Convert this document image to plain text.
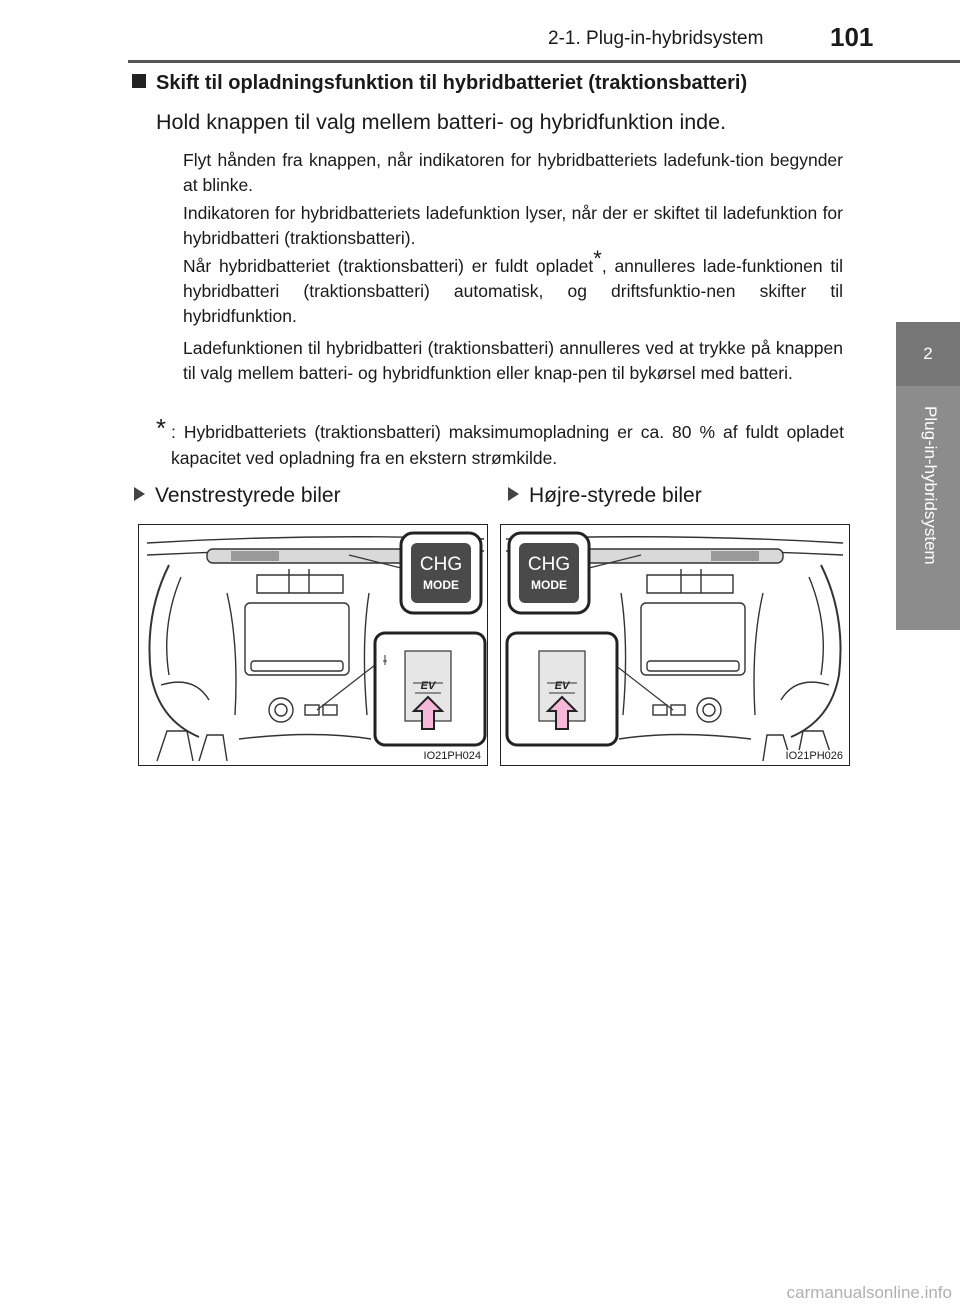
2-1. Plug-in-hybridsystem	101
2
Plug-in-hybridsystem
Skift til opladningsfunktion til hybridbatteriet (traktionsbatteri)
Hold knappen til valg mellem batteri- og hybridfunktion inde.
Flyt hånden fra knappen, når indikatoren for hybridbatteriets ladefunk-tion begynder at blinke.
Indikatoren for hybridbatteriets ladefunktion lyser, når der er skiftet til ladefunktion for hybridbatteri (traktionsbatteri).
Når hybridbatteriet (traktionsbatteri) er fuldt opladet*, annulleres lade-funktionen til hybridbatteri (traktionsbatteri) automatisk, og driftsfunktio-nen skifter til hybridfunktion.
Ladefunktionen til hybridbatteri (traktionsbatteri) annulleres ved at trykke på knappen til valg mellem batteri- og hybridfunktion eller knap-pen til bykørsel med batteri.
* : Hybridbatteriets (traktionsbatteri) maksimumopladning er ca. 80 % af fuldt opladet kapacitet ved opladning fra en ekstern strømkilde.
Venstrestyrede biler	Højre-styrede biler
CHG
MODE
EV
IO21PH024
CHG
MODE
EV
IO21PH026
carmanualsonline.info
